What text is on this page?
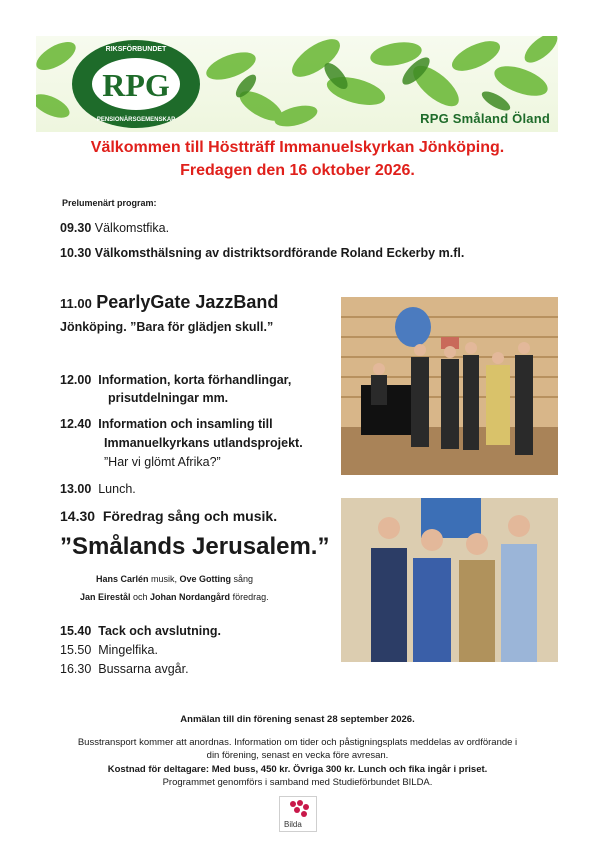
RPG
RIKSFÖRBUNDET
PENSIONÄRSGEMENSKAP	RPG Småland Öland
Välkommen till Höstträff Immanuelskyrkan Jönköping.
Fredagen den 16 oktober 2026.
Prelumenärt program:
09.30 Välkomstfika.
10.30 Välkomsthälsning av distriktsordförande Roland Eckerby m.fl.
11.00 PearlyGate JazzBand
Jönköping. ”Bara för glädjen skull.”
12.00 Information, korta förhandlingar,
prisutdelningar mm.
12.40 Information och insamling till
Immanuelkyrkans utlandsprojekt.
”Har vi glömt Afrika?”
13.00 Lunch.
14.30 Föredrag sång och musik.
”Smålands Jerusalem.”
Hans Carlén musik, Ove Gotting sång
Jan Eirestål och Johan Nordangård föredrag.
15.40 Tack och avslutning.
15.50 Mingelfika.
16.30 Bussarna avgår.
Anmälan till din förening senast 28 september 2026.
Busstransport kommer att anordnas. Information om tider och påstigningsplats meddelas av ordförande i
din förening, senast en vecka före avresan.
Kostnad för deltagare: Med buss, 450 kr. Övriga 300 kr. Lunch och fika ingår i priset.
Programmet genomförs i samband med Studieförbundet BILDA.
Bilda
